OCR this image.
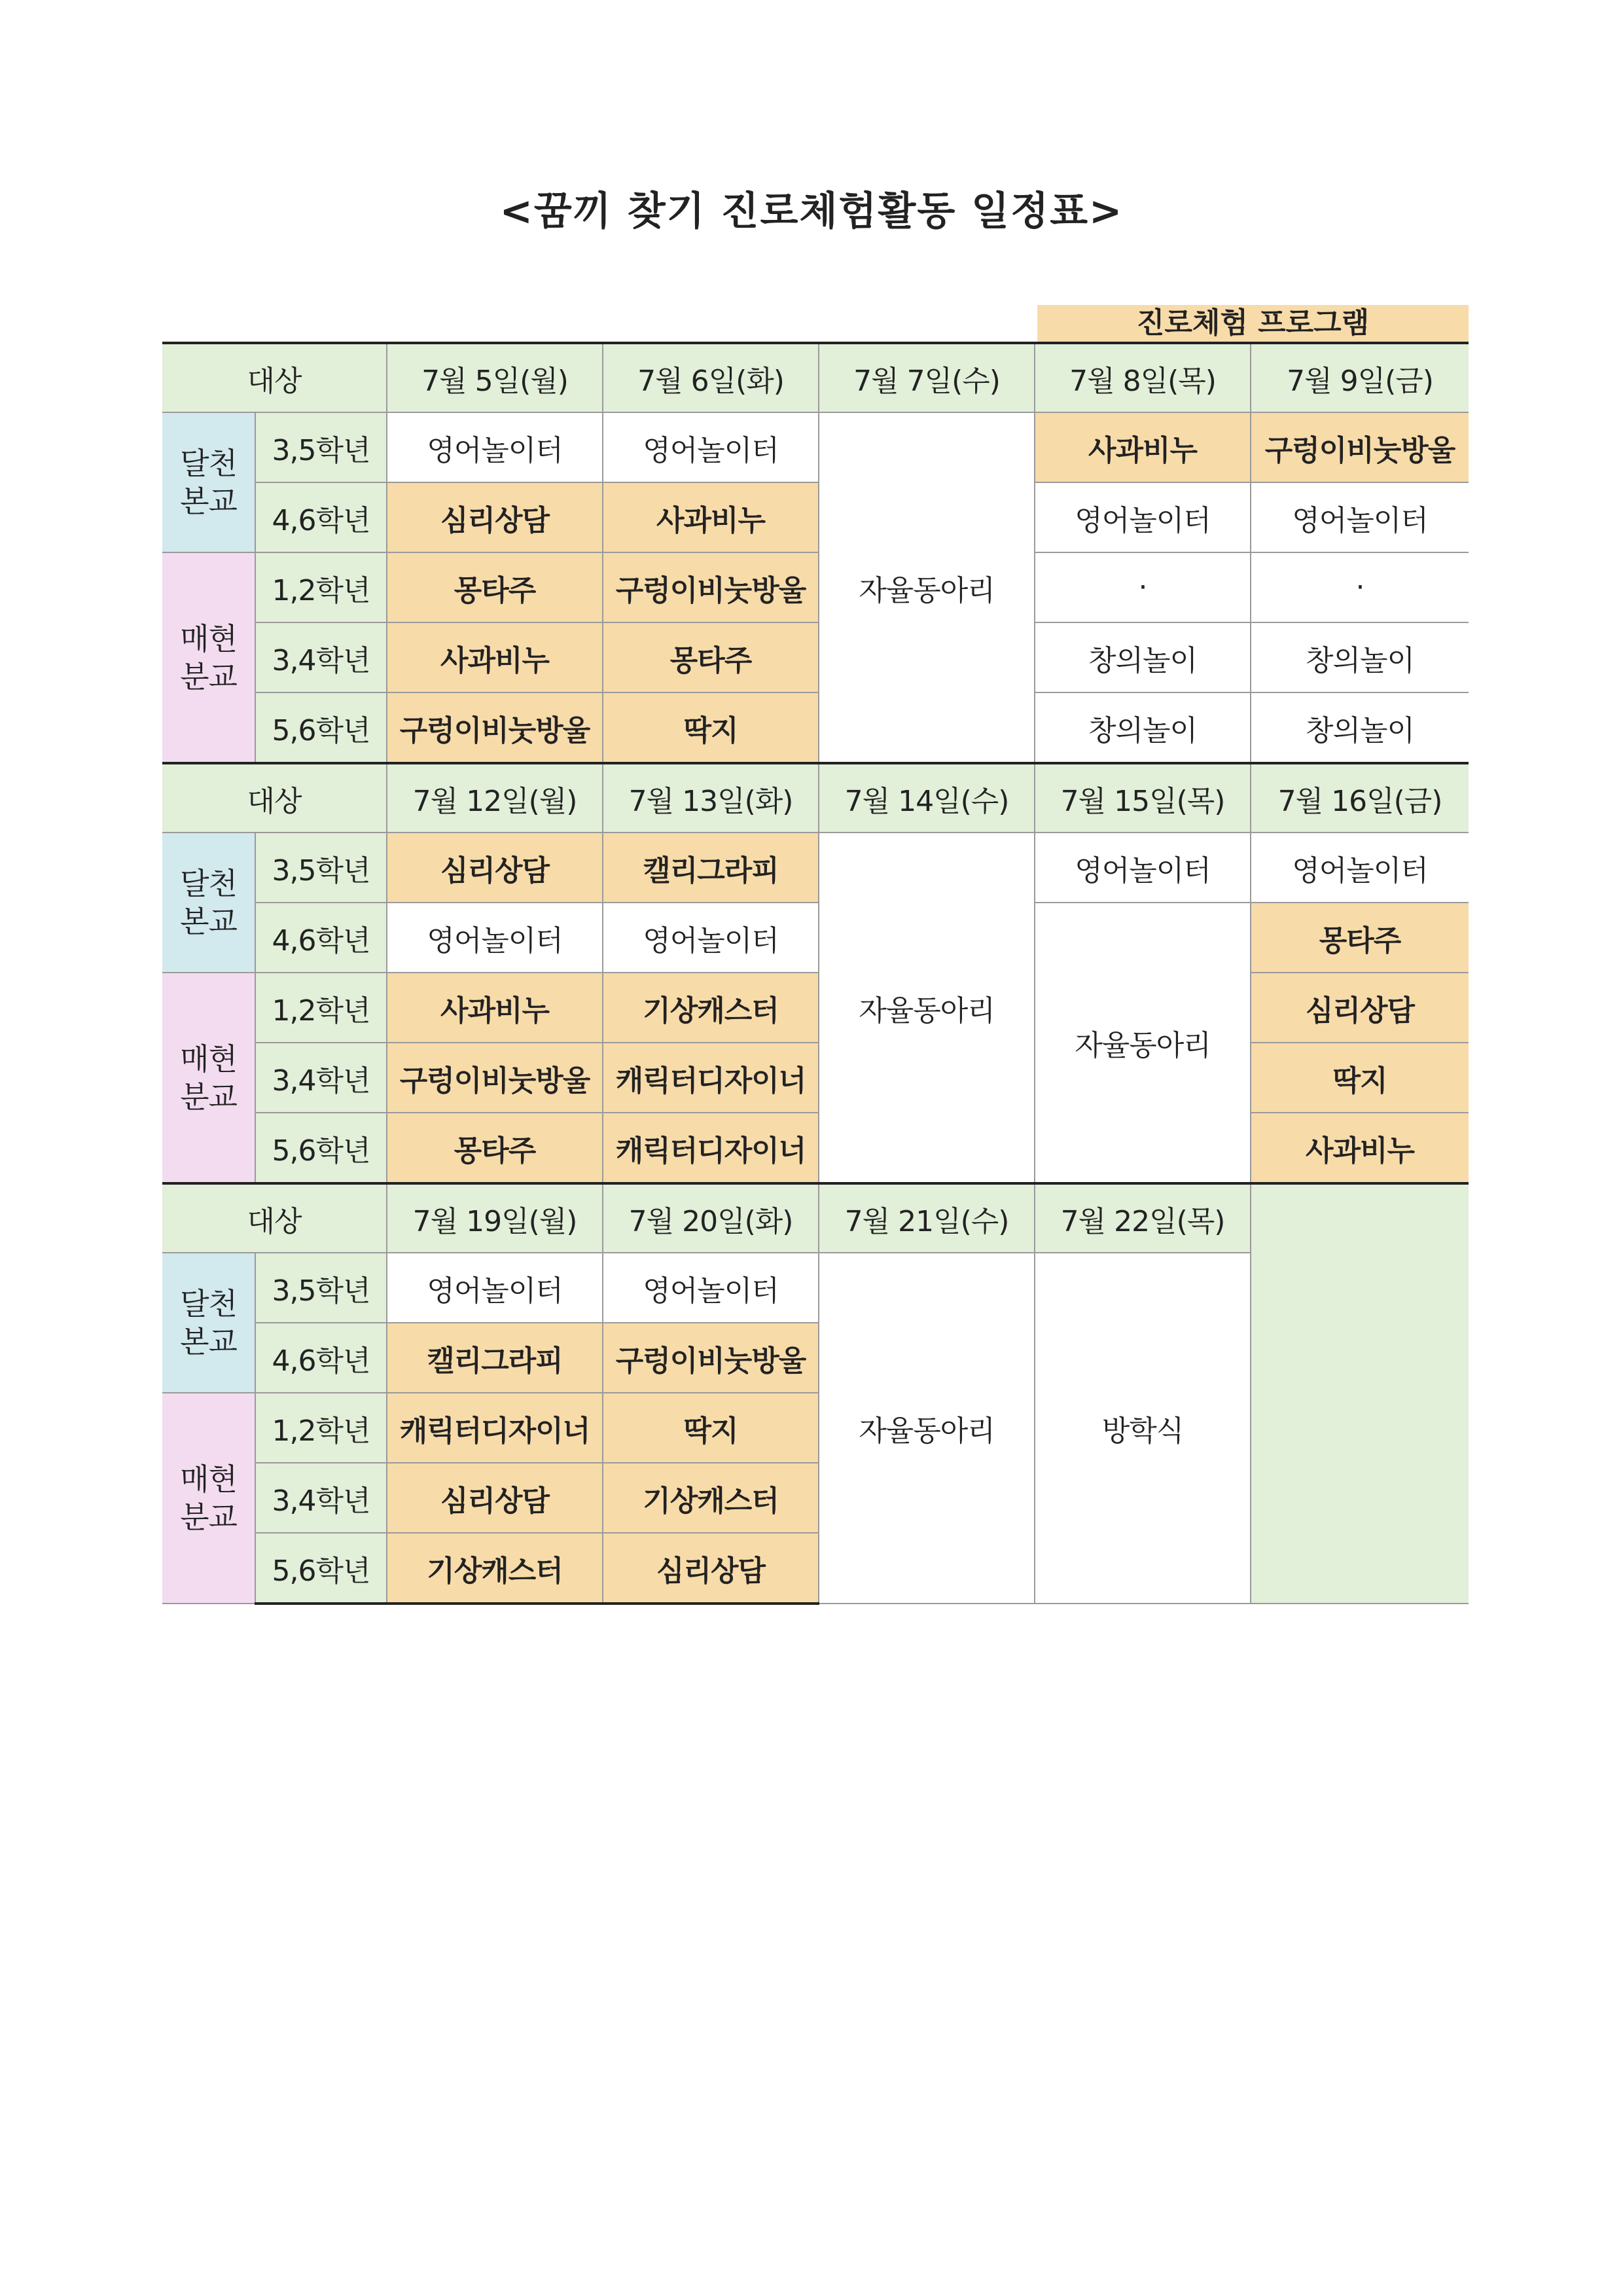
<꿈끼 찾기 진로체험활동 일정표>
진로체험 프로그램
대상		7월 5일(월)	7월 6일(화)	7월 7일(수)	7월 8일(목)	7월 9일(금)
달천 본교	3,5학년	영어놀이터	영어놀이터	자율동아리	사과비누	구렁이비눗방울
	4,6학년	심리상담	사과비누		영어놀이터	영어놀이터
매현 분교	1,2학년	몽타주	구렁이비눗방울		·	·
	3,4학년	사과비누	몽타주		창의놀이	창의놀이
	5,6학년	구렁이비눗방울	딱지		창의놀이	창의놀이
대상		7월 12일(월)	7월 13일(화)	7월 14일(수)	7월 15일(목)	7월 16일(금)
달천 본교	3,5학년	심리상담	캘리그라피	자율동아리	영어놀이터	영어놀이터
	4,6학년	영어놀이터	영어놀이터		자율동아리	몽타주
매현 분교	1,2학년	사과비누	기상캐스터			심리상담
	3,4학년	구렁이비눗방울	캐릭터디자이너			딱지
	5,6학년	몽타주	캐릭터디자이너			사과비누
대상		7월 19일(월)	7월 20일(화)	7월 21일(수)	7월 22일(목)	
달천 본교	3,5학년	영어놀이터	영어놀이터	자율동아리	방학식	
	4,6학년	캘리그라피	구렁이비눗방울			
매현 분교	1,2학년	캐릭터디자이너	딱지			
	3,4학년	심리상담	기상캐스터			
	5,6학년	기상캐스터	심리상담			
